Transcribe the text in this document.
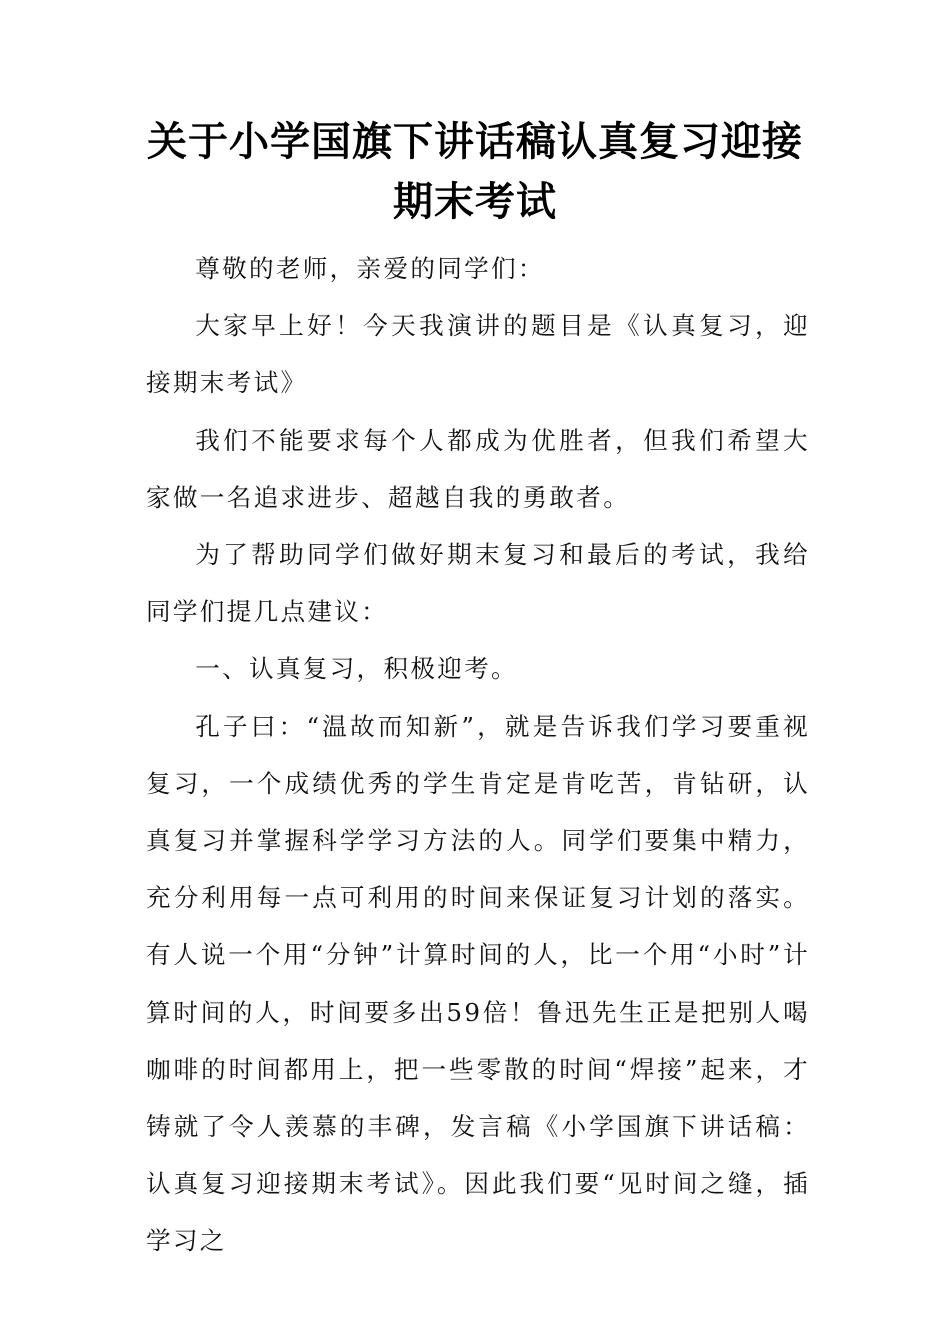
关于小学国旗下讲话稿认真复习迎接期末考试

尊敬的老师，亲爱的同学们：

大家早上好！今天我演讲的题目是《认真复习，迎接期末考试》

我们不能要求每个人都成为优胜者，但我们希望大家做一名追求进步、超越自我的勇敢者。

为了帮助同学们做好期末复习和最后的考试，我给同学们提几点建议：

一、认真复习，积极迎考。

孔子曰：“温故而知新”，就是告诉我们学习要重视复习，一个成绩优秀的学生肯定是肯吃苦，肯钻研，认真复习并掌握科学学习方法的人。同学们要集中精力，充分利用每一点可利用的时间来保证复习计划的落实。有人说一个用“分钟”计算时间的人，比一个用“小时”计算时间的人，时间要多出59倍！鲁迅先生正是把别人喝咖啡的时间都用上，把一些零散的时间“焊接”起来，才铸就了令人羡慕的丰碑，发言稿《小学国旗下讲话稿：认真复习迎接期末考试》。因此我们要“见时间之缝，插学习之
